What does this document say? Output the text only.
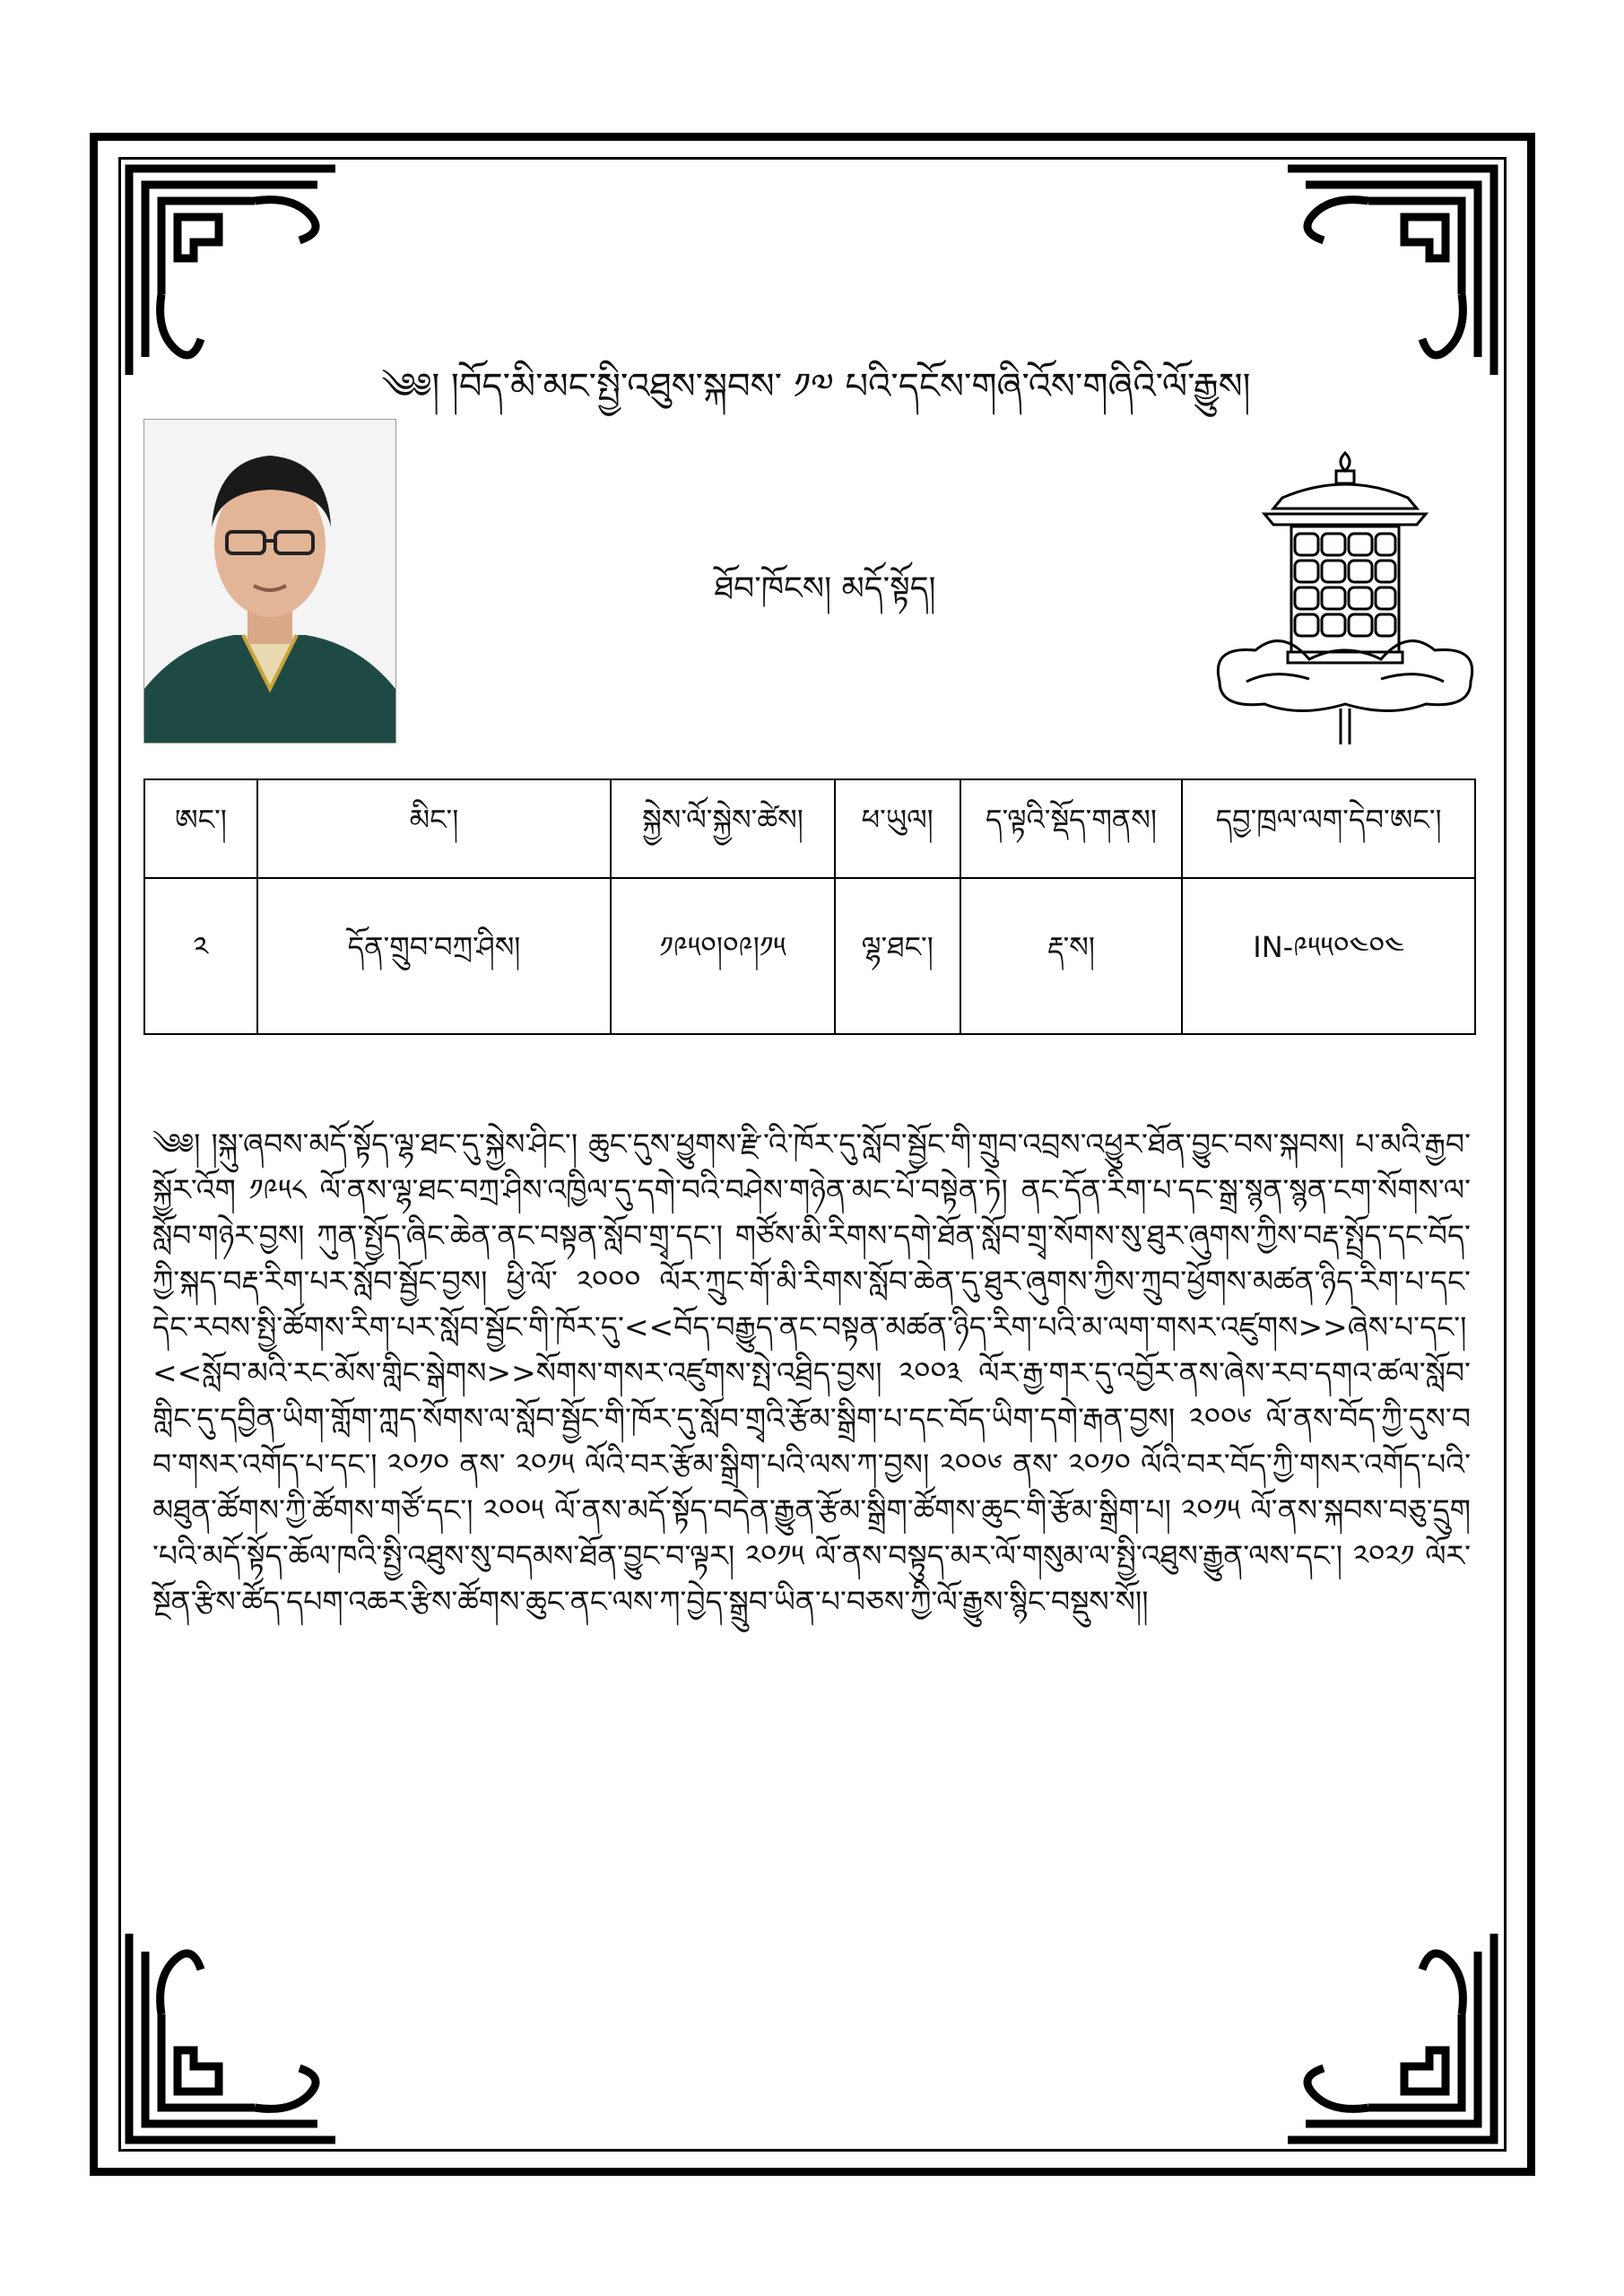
༄༅། །བོད་མི་མང་སྤྱི་འཐུས་སྐབས་ ༡༧ པའི་དངོས་གཞི་འོས་གཞིའི་ལོ་རྒྱུས།
ཐོབ་ཁོངས། མདོ་སྟོད།
ཨང་།	མིང་།	སྐྱེས་ལོ་སྐྱེས་ཚེས།	ཕ་ཡུལ།	ད་ལྟའི་སྡོད་གནས།	དབྱ་ཁྲལ་ལག་དེབ་ཨང་།
༢	དོན་གྲུབ་བཀྲ་ཤིས།	༡༩༥༠།༠༩།༡༥	ལྷ་ཐང་།	རྡ་ས།	IN-༩༥༥༠༤༠༤
༄༅། །སྐུ་ཞབས་མདོ་སྟོད་ལྷ་ཐང་དུ་སྐྱེས་ཤིང་། ཆུང་དུས་ཕྱུགས་རྫི་འི་ཁོར་དུ་སློབ་སྦྱོང་གི་གྲུབ་འབྲས་འཕྱུར་ཐོན་བྱུང་བས་སྐབས། པ་མའི་རྒྱབ་སྐྱོར་འོག ༡༩༥༨ ལོ་ནས་ལྷ་ཐང་བཀྲ་ཤིས་འཁྱིལ་དུ་དགེ་བའི་བཤེས་གཉེན་མང་པོ་བསྟེན་ཏེ། ནང་དོན་རིག་པ་དང་སྒྲ་སྙན་སྙན་ངག་སོགས་ལ་སློབ་གཉེར་བྱས། ཀུན་སྤྱོད་ཞིང་ཆེན་ནང་བསྟན་སློབ་གྲྭ་དང་། གཙོས་མི་རིགས་དགེ་ཐོན་སློབ་གྲྭ་སོགས་སུ་ཐུར་ཞུགས་ཀྱིས་བརྡ་སྤྲོད་དང་བོད་ཀྱི་སྐད་བརྡ་རིག་པར་སློབ་སྦྱོང་བྱས། ཕྱི་ལོ་ ༢༠༠༠ ལོར་ཀྲུང་གོ་མི་རིགས་སློབ་ཆེན་དུ་ཐུར་ཞུགས་ཀྱིས་ཀྲུབ་ཕྱོགས་མཚན་ཉིད་རིག་པ་དང་དེང་རབས་སྤྱི་ཚོགས་རིག་པར་སློབ་སྦྱོང་གི་ཁོར་དུ་<<བོད་བརྒྱུད་ནང་བསྟན་མཚན་ཉིད་རིག་པའི་མ་ལག་གསར་འཛུགས>>ཞེས་པ་དང་། <<སློབ་མའི་རང་མོས་གླིང་སྒེགས>>སོགས་གསར་འཛུགས་སྤེ་འཐྲིད་བྱས། ༢༠༠༣ ལོར་རྒྱ་གར་དུ་འབྱོར་ནས་ཞེས་རབ་དགའ་ཚལ་སློབ་གླིང་དུ་དབྱིན་ཡིག་གློག་ཀླད་སོགས་ལ་སློབ་སྦྱོང་གི་ཁོར་དུ་སློབ་གྲྭའི་རྩོམ་སྒྲིག་པ་དང་བོད་ཡིག་དགེ་རྒན་བྱས། ༢༠༠༦ ལོ་ནས་བོད་ཀྱི་དུས་བབ་གསར་འགོད་པ་དང་། ༢༠༡༠ ནས་ ༢༠༡༥ ལོའི་བར་རྩོམ་སྒྲིག་པའི་ལས་ཀ་བྱས། ༢༠༠༦ ནས་ ༢༠༡༠ ལོའི་བར་བོད་ཀྱི་གསར་འགོད་པའི་མཐུན་ཚོགས་ཀྱི་ཚོགས་གཙོ་དང་། ༢༠༠༥ ལོ་ནས་མདོ་སྟོད་བདེན་རྒྱུན་རྩོམ་སྒྲིག་ཚོགས་ཆུང་གི་རྩོམ་སྒྲིག་པ། ༢༠༡༥ ལོ་ནས་སྐབས་བཅུ་དྲུག་པའི་མདོ་སྟོད་ཆོལ་ཁའི་སྤྱི་འཐུས་སུ་བདམས་ཐོན་བྱུང་བ་ལྟར། ༢༠༡༥ ལོ་ནས་བསྟུད་མར་ལོ་གསུམ་ལ་སྤྱི་འཐུས་རྒྱུན་ལས་དང་། ༢༠༢༡ ལོར་སྔོན་རྩིས་ཚོད་དཔག་འཆར་རྩིས་ཚོགས་ཆུང་ནང་ལས་ཀ་བྱེད་སྒྲུབ་ཡིན་པ་བཅས་ཀྱི་ལོ་རྒྱུས་སྙིང་བསྡུས་སོ།།
